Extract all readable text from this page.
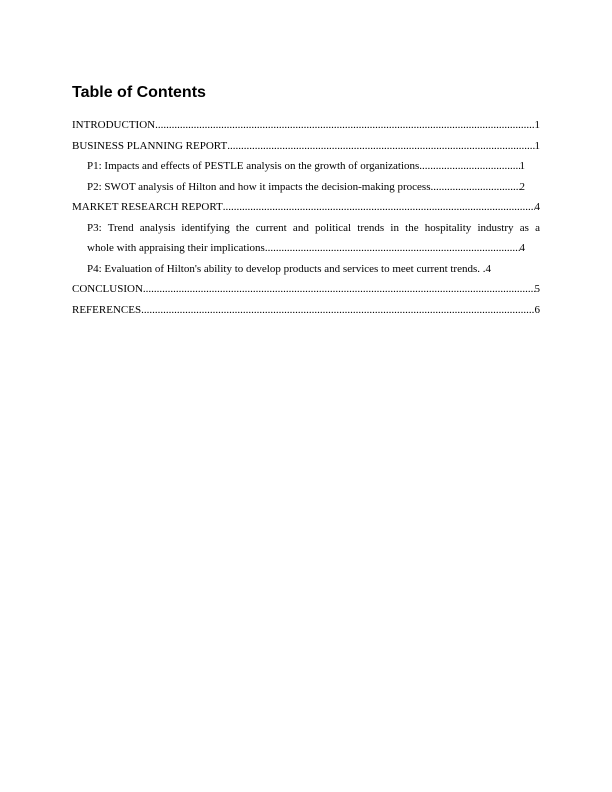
Table of Contents
INTRODUCTION .....	1
BUSINESS PLANNING REPORT .....	1
P1: Impacts and effects of PESTLE analysis on the growth of organizations .....	1
P2: SWOT analysis of Hilton and how it impacts the decision-making process .....	2
MARKET RESEARCH REPORT .....	4
P3: Trend analysis identifying the current and political trends in the hospitality industry as a
whole with appraising their implications .....	4
P4: Evaluation of Hilton's ability to develop products and services to meet current trends. . 4
CONCLUSION .....	5
REFERENCES .....	6
